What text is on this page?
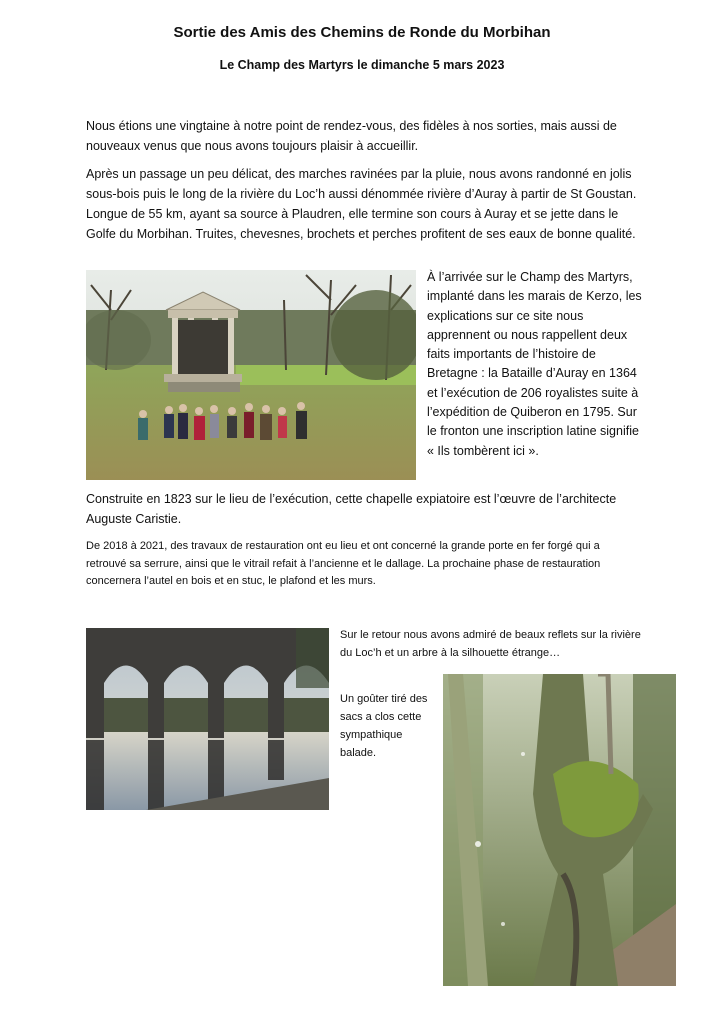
Sortie des Amis des Chemins de Ronde du Morbihan
Le Champ des Martyrs le dimanche 5 mars 2023

Nous étions une vingtaine à notre point de rendez-vous, des fidèles à nos sorties, mais aussi de nouveaux venus que nous avons toujours plaisir à accueillir.

Après un passage un peu délicat, des marches ravinées par la pluie, nous avons randonné en jolis sous-bois puis le long de la rivière du Loc’h aussi dénommée rivière d’Auray à partir de St Goustan. Longue de 55 km, ayant sa source à Plaudren, elle termine son cours à Auray et se jette dans le Golfe du Morbihan. Truites, chevesnes, brochets et perches profitent de ses eaux de bonne qualité.

À l’arrivée sur le Champ des Martyrs, implanté dans les marais de Kerzo, les explications sur ce site nous apprennent ou nous rappellent deux faits importants de l’histoire de Bretagne : la Bataille d’Auray en 1364 et l’exécution de 206 royalistes suite à l’expédition de Quiberon en 1795. Sur le fronton une inscription latine signifie « Ils tombèrent ici ».

Construite en 1823 sur le lieu de l’exécution, cette chapelle expiatoire est l’œuvre de l’architecte Auguste Caristie.

De 2018 à 2021, des travaux de restauration ont eu lieu et ont concerné la grande porte en fer forgé qui a retrouvé sa serrure, ainsi que le vitrail refait à l’ancienne et le dallage. La prochaine phase de restauration concernera l’autel en bois et en stuc, le plafond et les murs.

Sur le retour nous avons admiré de beaux reflets sur la rivière du Loc’h et un arbre à la silhouette étrange…

Un goûter tiré des sacs a clos cette sympathique balade.
